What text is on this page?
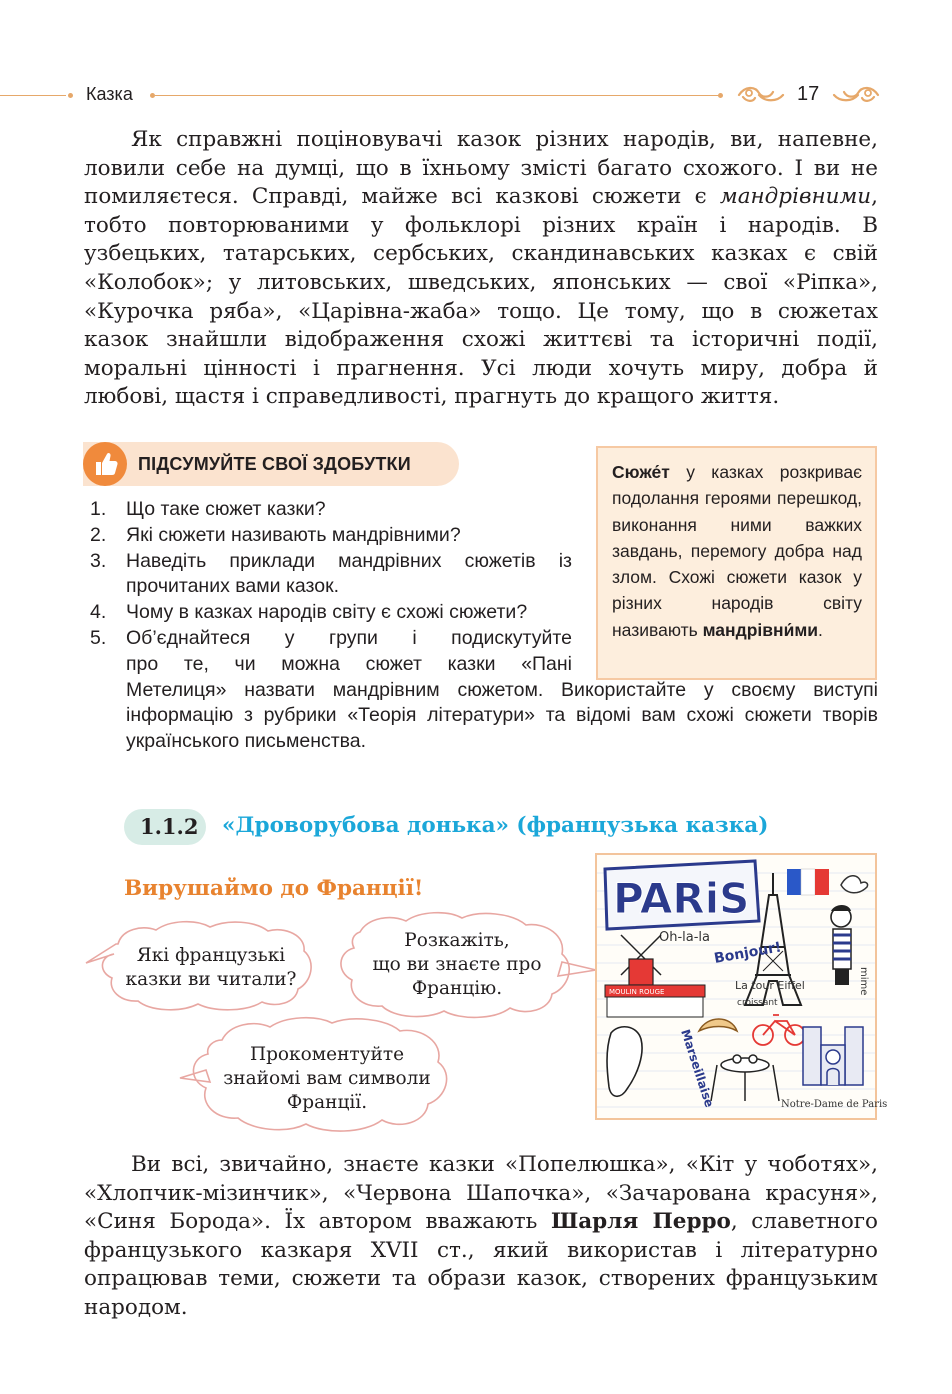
Казка	17

Як справжні поціновувачі казок різних народів, ви, напевне, ловили себе на думці, що в їхньому змісті багато схожого. І ви не помиляєтеся. Справді, майже всі казкові сюжети є мандрівними, тобто повторюваними у фольклорі різних країн і народів. В узбецьких, татарських, сербських, скандинавських казках є свій «Колобок»; у литовських, шведських, японських — свої «Ріпка», «Курочка ряба», «Царівна-жаба» тощо. Це тому, що в сюжетах казок знайшли відображення схожі життєві та історичні події, моральні цінності і прагнення. Усі люди хочуть миру, добра й любові, щастя і справедливості, прагнуть до кращого життя.

ПІДСУМУЙТЕ СВОЇ ЗДОБУТКИ	Сюже́т у казках розкриває подолання героями перешкод, виконання ними важких завдань, перемогу добра над злом. Схожі сюжети казок у різних народів світу називають мандрівни́ми.
1. Що таке сюжет казки?
2. Які сюжети називають мандрівними?
3. Наведіть приклади мандрівних сюжетів із прочитаних вами казок.
4. Чому в казках народів світу є схожі сюжети?
5. Об’єднайтеся у групи і подискутуйте
про те, чи можна сюжет казки «Пані
Метелиця» назвати мандрівним сюжетом. Використайте у своєму виступі інформацію з рубрики «Теорія літератури» та відомі вам схожі сюжети творів українського письменства.
1.1.2 «Дроворубова донька» (французька казка)
Вирушаймо до Франції!
Які французькі
казки ви читали?
Розкажіть,
що ви знаєте про
Францію.
Прокоментуйте
знайомі вам символи
Франції.
PARiS
mime
Oh-la-la
Bonjour!
La tour Eiffel
croissant
MOULIN ROUGE
Marseillaise	Notre-Dame de Paris

Ви всі, звичайно, знаєте казки «Попелюшка», «Кіт у чоботях», «Хлопчик-мізинчик», «Червона Шапочка», «Зачарована красуня», «Синя Борода». Їх автором вважають Шарля Перро, славетного французького казкаря XVII ст., який використав і літературно опрацював теми, сюжети та образи казок, створених французьким народом.
